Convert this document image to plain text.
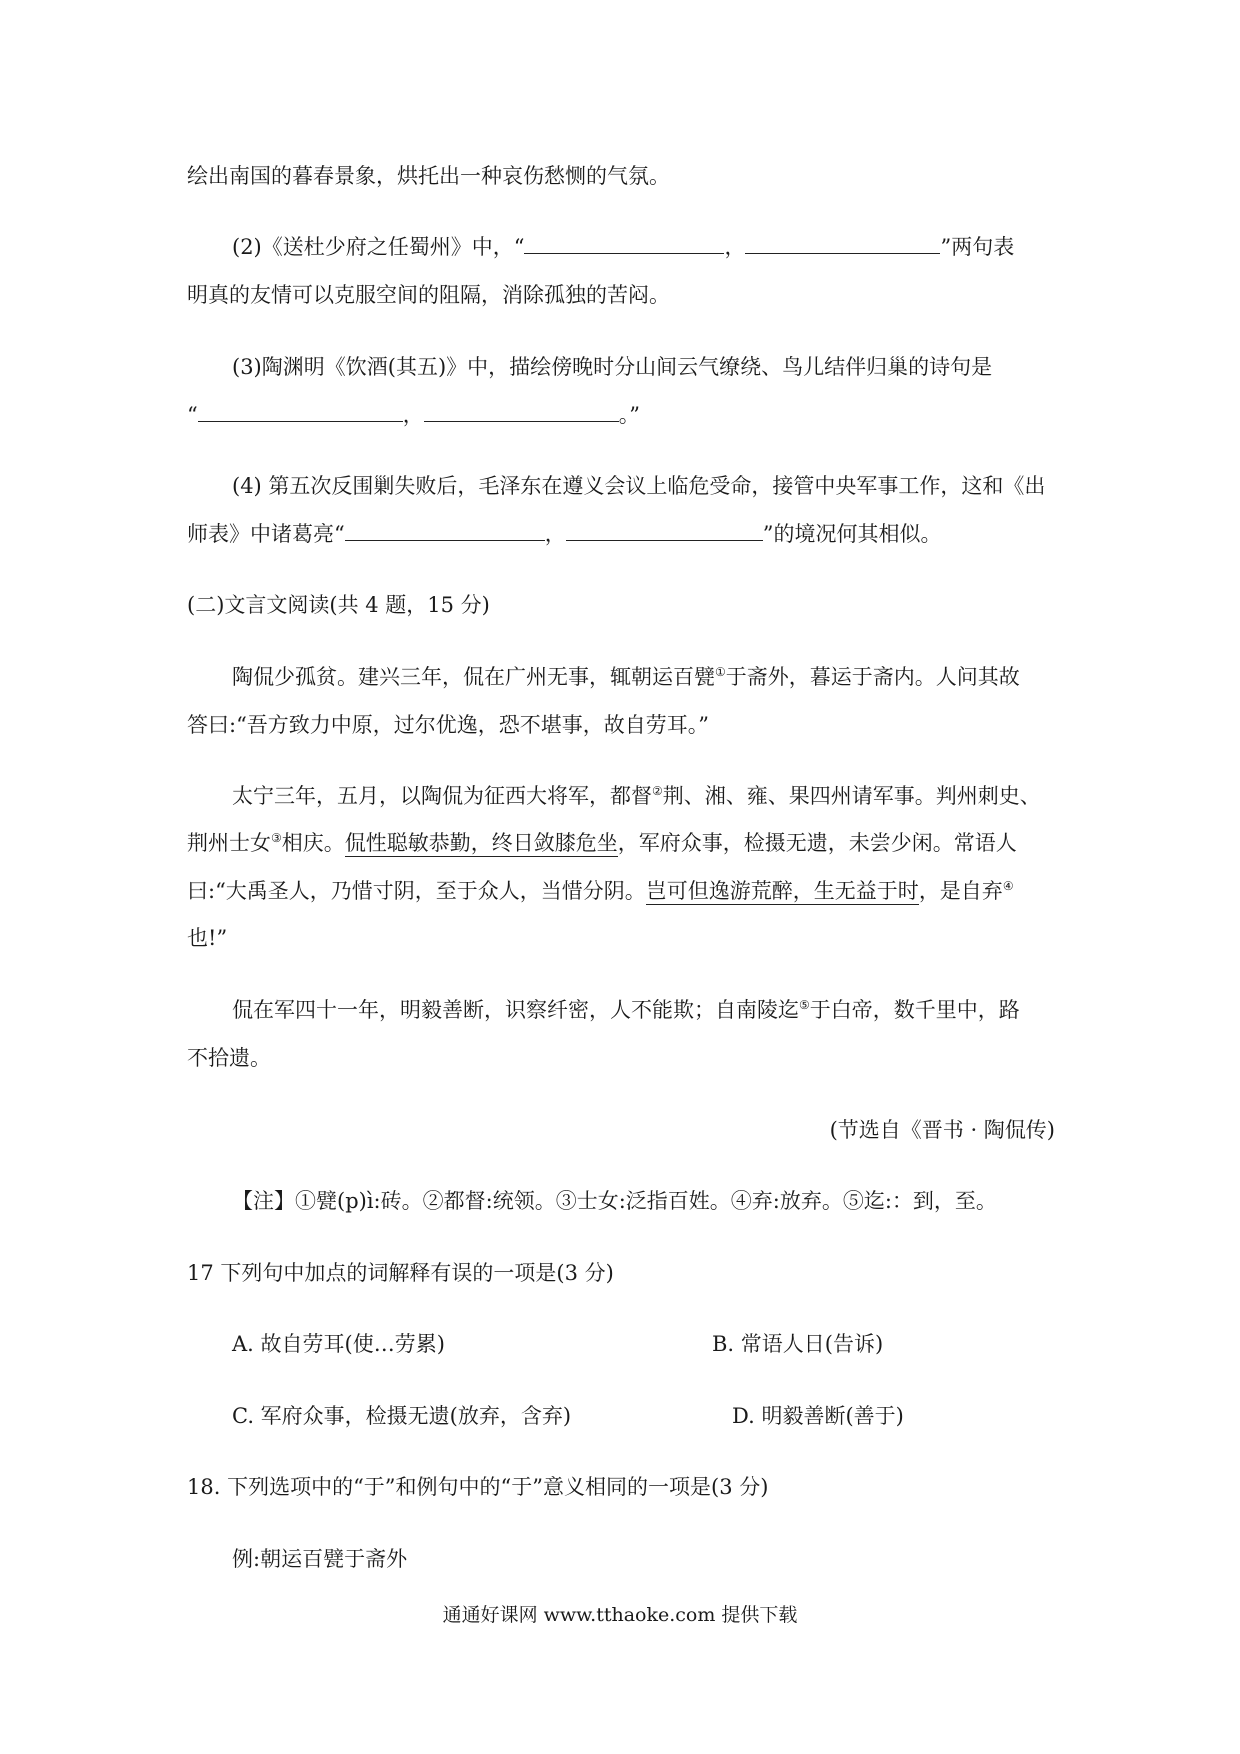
绘出南国的暮春景象，烘托出一种哀伤愁恻的气氛。
(2)《送杜少府之任蜀州》中，“	，	”两句表
明真的友情可以克服空间的阻隔，消除孤独的苦闷。
(3)陶渊明《饮酒(其五)》中，描绘傍晚时分山间云气缭绕、鸟儿结伴归巢的诗句是
“	，	。”
(4) 第五次反围剿失败后，毛泽东在遵义会议上临危受命，接管中央军事工作，这和《出
师表》中诸葛亮“	，	”的境况何其相似。
(二)文言文阅读(共 4 题，15 分)
陶侃少孤贫。建兴三年，侃在广州无事，辄朝运百甓①于斋外，暮运于斋内。人问其故
答曰:“吾方致力中原，过尔优逸，恐不堪事，故自劳耳。”
太宁三年，五月，以陶侃为征西大将军，都督②荆、湘、雍、果四州请军事。判州刺史、
荆州士女③相庆。侃性聪敏恭勤，终日敛膝危坐，军府众事，检摄无遗，未尝少闲。常语人
曰:“大禹圣人，乃惜寸阴，至于众人，当惜分阴。岂可但逸游荒醉，生无益于时，是自弃④
也!”
侃在军四十一年，明毅善断，识察纤密，人不能欺；自南陵迄⑤于白帝，数千里中，路
不拾遗。
(节选自《晋书 · 陶侃传)
【注】①甓(p)ì:砖。②都督:统领。③士女:泛指百姓。④弃:放弃。⑤迄:：到，至。
17 下列句中加点的词解释有误的一项是(3 分)
A. 故自劳耳(使…劳累)	B. 常语人日(告诉)
C. 军府众事，检摄无遗(放弃，含弃)	D. 明毅善断(善于)
18. 下列选项中的“于”和例句中的“于”意义相同的一项是(3 分)
例:朝运百甓于斋外
通通好课网 www.tthaoke.com 提供下载
